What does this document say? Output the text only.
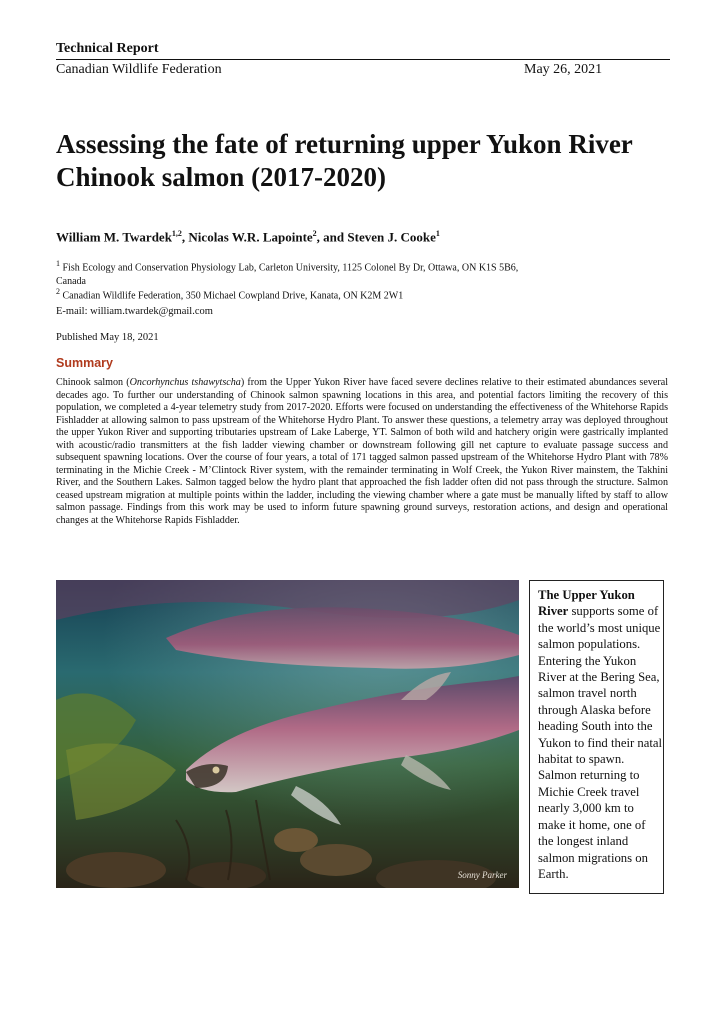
Technical Report
Canadian Wildlife Federation	May 26, 2021
Assessing the fate of returning upper Yukon River Chinook salmon (2017-2020)
William M. Twardek$^{1,2}$, Nicolas W.R. Lapointe$^2$, and Steven J. Cooke$^1$
$^1$ Fish Ecology and Conservation Physiology Lab, Carleton University, 1125 Colonel By Dr, Ottawa, ON K1S 5B6, Canada
$^2$ Canadian Wildlife Federation, 350 Michael Cowpland Drive, Kanata, ON K2M 2W1
E-mail: william.twardek@gmail.com
Published May 18, 2021
Summary

Chinook salmon (Oncorhynchus tshawytscha) from the Upper Yukon River have faced severe declines relative to their estimated abundances several decades ago. To further our understanding of Chinook salmon spawning locations in this area, and potential factors limiting the recovery of this population, we completed a 4-year telemetry study from 2017-2020. Efforts were focused on understanding the effectiveness of the Whitehorse Rapids Fishladder at allowing salmon to pass upstream of the Whitehorse Hydro Plant. To answer these questions, a telemetry array was deployed throughout the upper Yukon River and supporting tributaries upstream of Lake Laberge, YT. Salmon of both wild and hatchery origin were gastrically implanted with acoustic/radio transmitters at the fish ladder viewing chamber or downstream following gill net capture to evaluate passage success and subsequent spawning locations. Over the course of four years, a total of 171 tagged salmon passed upstream of the Whitehorse Hydro Plant with 78% terminating in the Michie Creek - M’Clintock River system, with the remainder terminating in Wolf Creek, the Yukon River mainstem, the Takhini River, and the Southern Lakes. Salmon tagged below the hydro plant that approached the fish ladder often did not pass through the structure. Salmon ceased upstream migration at multiple points within the ladder, including the viewing chamber where a gate must be manually lifted by staff to allow salmon passage. Findings from this work may be used to inform future spawning ground surveys, restoration actions, and design and operational changes at the Whitehorse Rapids Fishladder.

Sonny Parker
The Upper Yukon River supports some of the world’s most unique salmon populations. Entering the Yukon River at the Bering Sea, salmon travel north through Alaska before heading South into the Yukon to find their natal habitat to spawn. Salmon returning to Michie Creek travel nearly 3,000 km to make it home, one of the longest inland salmon migrations on Earth.
